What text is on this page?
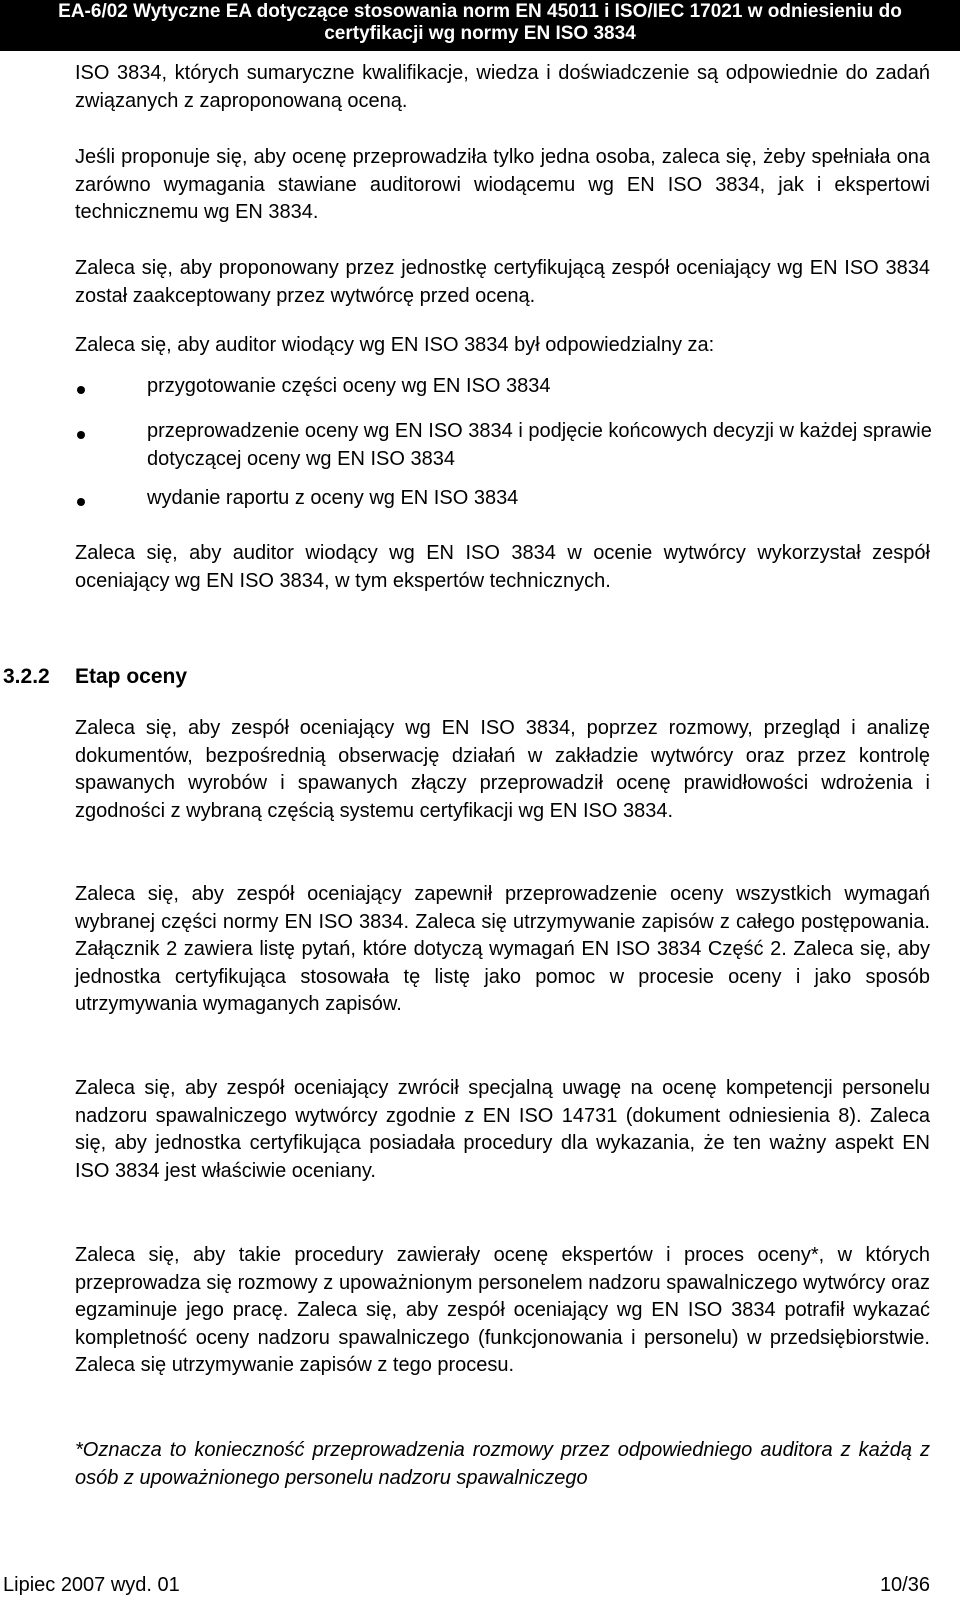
EA-6/02 Wytyczne EA dotyczące stosowania norm EN 45011 i ISO/IEC 17021 w odniesieniu do
certyfikacji wg normy EN ISO 3834
ISO 3834, których sumaryczne kwalifikacje, wiedza i doświadczenie są odpowiednie do zadań związanych z zaproponowaną oceną.
Jeśli proponuje się, aby ocenę przeprowadziła tylko jedna osoba, zaleca się, żeby spełniała ona zarówno wymagania stawiane auditorowi wiodącemu wg EN ISO 3834, jak i ekspertowi technicznemu wg EN 3834.
Zaleca się, aby proponowany przez jednostkę certyfikującą zespół oceniający wg EN ISO 3834 został zaakceptowany przez wytwórcę przed oceną.
Zaleca się, aby auditor wiodący wg EN ISO 3834 był odpowiedzialny za:
przygotowanie części oceny wg EN ISO 3834
przeprowadzenie oceny wg EN ISO 3834 i podjęcie końcowych decyzji w każdej sprawie dotyczącej oceny wg EN ISO 3834
wydanie raportu z oceny wg EN ISO 3834
Zaleca się, aby auditor wiodący wg EN ISO 3834 w ocenie wytwórcy wykorzystał zespół oceniający wg EN ISO 3834, w tym ekspertów technicznych.
3.2.2 Etap oceny
Zaleca się, aby zespół oceniający wg EN ISO 3834, poprzez rozmowy, przegląd i analizę dokumentów, bezpośrednią obserwację działań w zakładzie wytwórcy oraz przez kontrolę spawanych wyrobów i spawanych złączy przeprowadził ocenę prawidłowości wdrożenia i zgodności z wybraną częścią systemu certyfikacji wg EN ISO 3834.
Zaleca się, aby zespół oceniający zapewnił przeprowadzenie oceny wszystkich wymagań wybranej części normy EN ISO 3834. Zaleca się utrzymywanie zapisów z całego postępowania. Załącznik 2 zawiera listę pytań, które dotyczą wymagań EN ISO 3834 Część 2. Zaleca się, aby jednostka certyfikująca stosowała tę listę jako pomoc w procesie oceny i jako sposób utrzymywania wymaganych zapisów.
Zaleca się, aby zespół oceniający zwrócił specjalną uwagę na ocenę kompetencji personelu nadzoru spawalniczego wytwórcy zgodnie z EN ISO 14731 (dokument odniesienia 8). Zaleca się, aby jednostka certyfikująca posiadała procedury dla wykazania, że ten ważny aspekt EN ISO 3834 jest właściwie oceniany.
Zaleca się, aby takie procedury zawierały ocenę ekspertów i proces oceny*, w których przeprowadza się rozmowy z upoważnionym personelem nadzoru spawalniczego wytwórcy oraz egzaminuje jego pracę. Zaleca się, aby zespół oceniający wg EN ISO 3834 potrafił wykazać kompletność oceny nadzoru spawalniczego (funkcjonowania i personelu) w przedsiębiorstwie. Zaleca się utrzymywanie zapisów z tego procesu.
*Oznacza to konieczność przeprowadzenia rozmowy przez odpowiedniego auditora z każdą z osób z upoważnionego personelu nadzoru spawalniczego
Lipiec 2007 wyd. 01	10/36
